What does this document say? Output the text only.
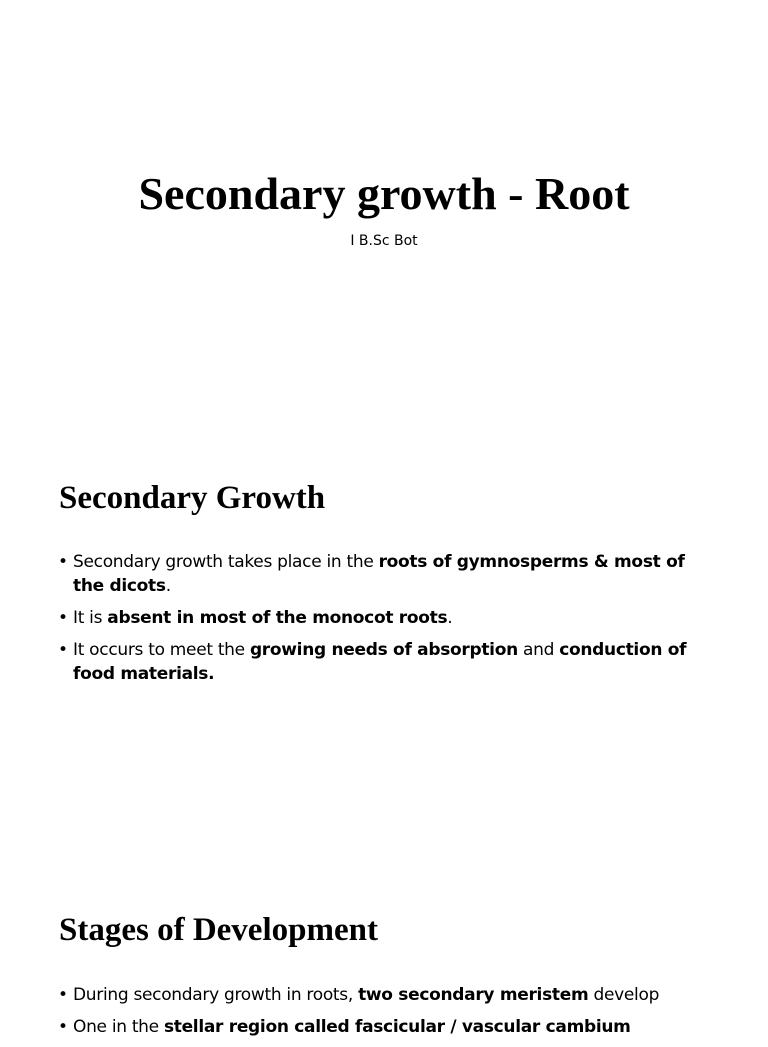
Secondary growth - Root

I B.Sc Bot

Secondary Growth
• Secondary growth takes place in the roots of gymnosperms & most of the dicots.
• It is absent in most of the monocot roots.
• It occurs to meet the growing needs of absorption and conduction of food materials.
Stages of Development
• During secondary growth in roots, two secondary meristem develop
• One in the stellar region called fascicular / vascular cambium
